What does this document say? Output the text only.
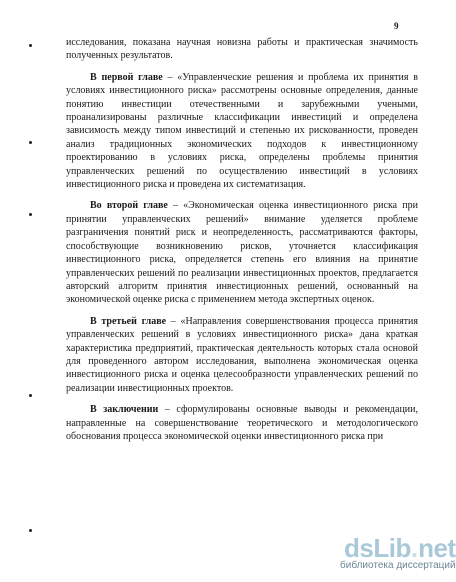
9

исследования, показана научная новизна работы и практическая значимость полученных результатов.

В первой главе – «Управленческие решения и проблема их принятия в условиях инвестиционного риска» рассмотрены основные определения, данные понятию инвестиции отечественными и зарубежными учеными, проанализированы различные классификации инвестиций и определена зависимость между типом инвестиций и степенью их рискованности, проведен анализ традиционных экономических подходов к инвестиционному проектированию в условиях риска, определены проблемы принятия управленческих решений по осуществлению инвестиций в условиях инвестиционного риска и проведена их систематизация.

Во второй главе – «Экономическая оценка инвестиционного риска при принятии управленческих решений» внимание уделяется проблеме разграничения понятий риск и неопределенность, рассматриваются факторы, способствующие возникновению рисков, уточняется классификация инвестиционного риска, определяется степень его влияния на принятие управленческих решений по реализации инвестиционных проектов, предлагается авторский алгоритм принятия инвестиционных решений, основанный на экономической оценке риска с применением метода экспертных оценок.

В третьей главе – «Направления совершенствования процесса принятия управленческих решений в условиях инвестиционного риска» дана краткая характеристика предприятий, практическая деятельность которых стала основой для проведенного автором исследования, выполнена экономическая оценка инвестиционного риска и оценка целесообразности управленческих решений по реализации инвестиционных проектов.

В заключении – сформулированы основные выводы и рекомендации, направленные на совершенствование теоретического и методологического обоснования процесса экономической оценки инвестиционного риска при

ds Lib . net
библиотека диссертаций
